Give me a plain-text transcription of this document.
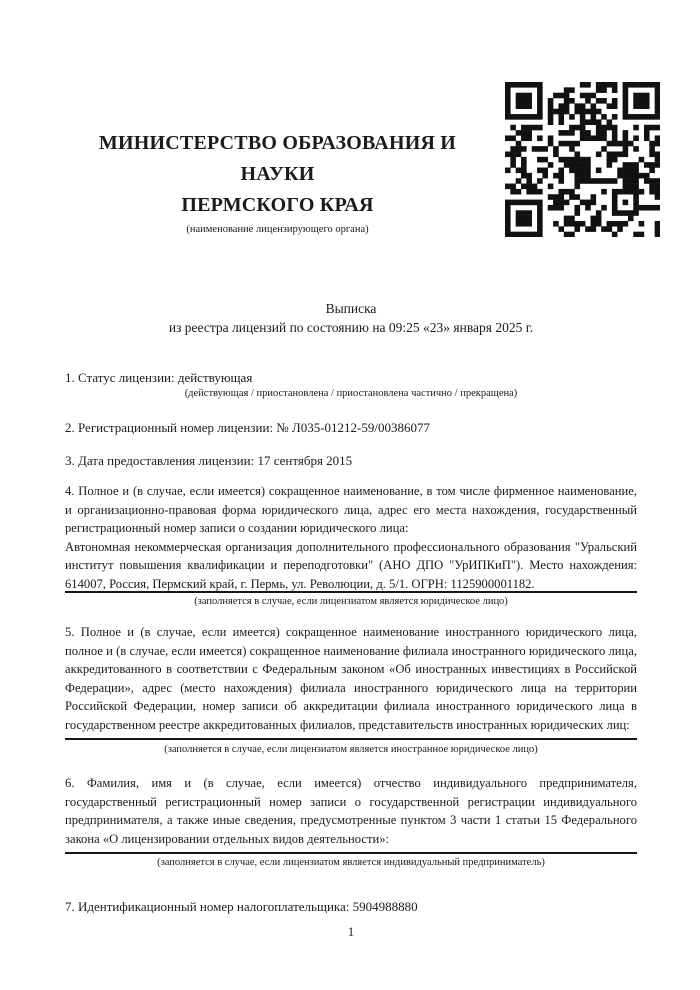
МИНИСТЕРСТВО ОБРАЗОВАНИЯ И НАУКИ
ПЕРМСКОГО КРАЯ
(наименование лицензирующего органа)
Выписка
из реестра лицензий по состоянию на 09:25 «23» января 2025 г.
1. Статус лицензии: действующая
(действующая / приостановлена / приостановлена частично / прекращена)
2. Регистрационный номер лицензии: № Л035-01212-59/00386077
3. Дата предоставления лицензии: 17 сентября 2015

4. Полное и (в случае, если имеется) сокращенное наименование, в том числе фирменное наименование, и организационно-правовая форма юридического лица, адрес его места нахождения, государственный регистрационный номер записи о создании юридического лица:

Автономная некоммерческая организация дополнительного профессионального образования "Уральский институт повышения квалификации и переподготовки" (АНО ДПО "УрИПКиП"). Место нахождения: 614007, Россия, Пермский край, г. Пермь, ул. Революции, д. 5/1. ОГРН: 1125900001182.

(заполняется в случае, если лицензиатом является юридическое лицо)

5. Полное и (в случае, если имеется) сокращенное наименование иностранного юридического лица, полное и (в случае, если имеется) сокращенное наименование филиала иностранного юридического лица, аккредитованного в соответствии с Федеральным законом «Об иностранных инвестициях в Российской Федерации», адрес (место нахождения) филиала иностранного юридического лица на территории Российской Федерации, номер записи об аккредитации филиала иностранного юридического лица в государственном реестре аккредитованных филиалов, представительств иностранных юридических лиц:

(заполняется в случае, если лицензиатом является иностранное юридическое лицо)

6. Фамилия, имя и (в случае, если имеется) отчество индивидуального предпринимателя, государственный регистрационный номер записи о государственной регистрации индивидуального предпринимателя, а также иные сведения, предусмотренные пунктом 3 части 1 статьи 15 Федерального закона «О лицензировании отдельных видов деятельности»:

(заполняется в случае, если лицензиатом является индивидуальный предприниматель)
7. Идентификационный номер налогоплательщика: 5904988880
1
